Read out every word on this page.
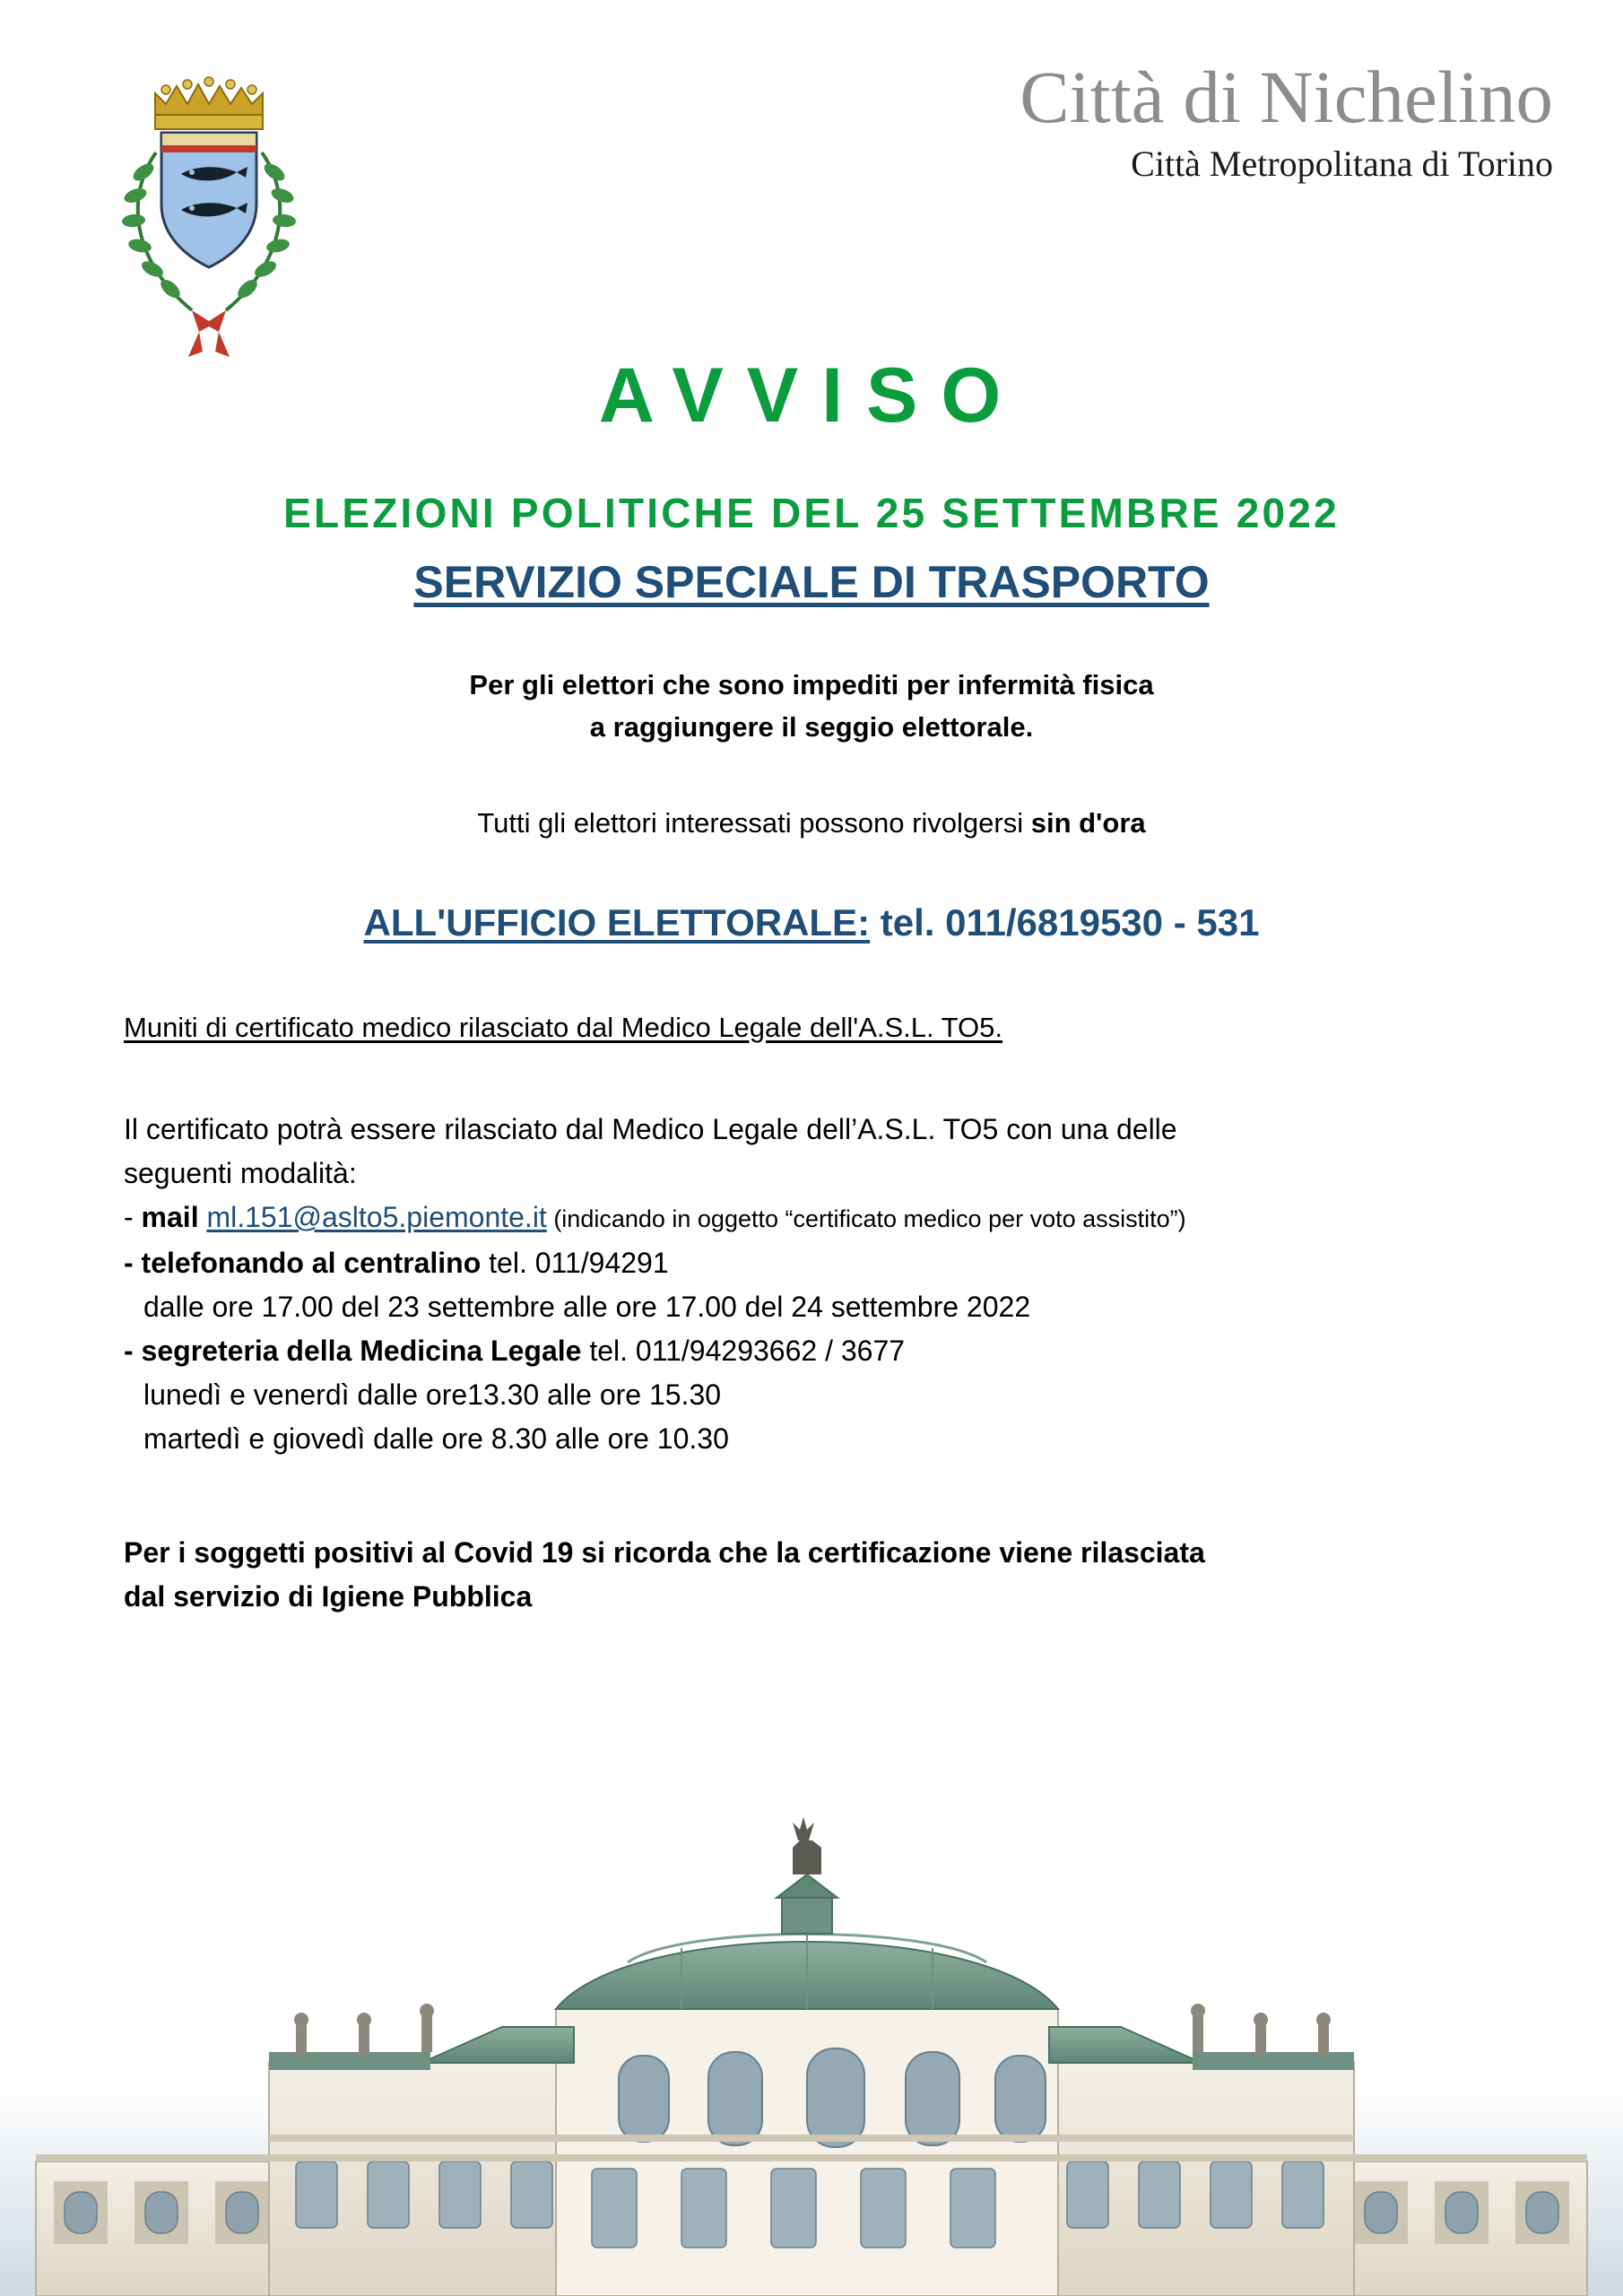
Città di Nichelino
Città Metropolitana di Torino
AVVISO
ELEZIONI POLITICHE DEL 25 SETTEMBRE 2022
SERVIZIO SPECIALE DI TRASPORTO
Per gli elettori che sono impediti per infermità fisica
a raggiungere il seggio elettorale.
Tutti gli elettori interessati possono rivolgersi sin d'ora
ALL'UFFICIO ELETTORALE: tel. 011/6819530 - 531
Muniti di certificato medico rilasciato dal Medico Legale dell'A.S.L. TO5.
Il certificato potrà essere rilasciato dal Medico Legale dell’A.S.L. TO5 con una delle
seguenti modalità:
- mail ml.151@aslto5.piemonte.it (indicando in oggetto “certificato medico per voto assistito”)
- telefonando al centralino tel. 011/94291
dalle ore 17.00 del 23 settembre alle ore 17.00 del 24 settembre 2022
- segreteria della Medicina Legale tel. 011/94293662 / 3677
lunedì e venerdì dalle ore13.30 alle ore 15.30
martedì e giovedì dalle ore 8.30 alle ore 10.30
Per i soggetti positivi al Covid 19 si ricorda che la certificazione viene rilasciata
dal servizio di Igiene Pubblica
